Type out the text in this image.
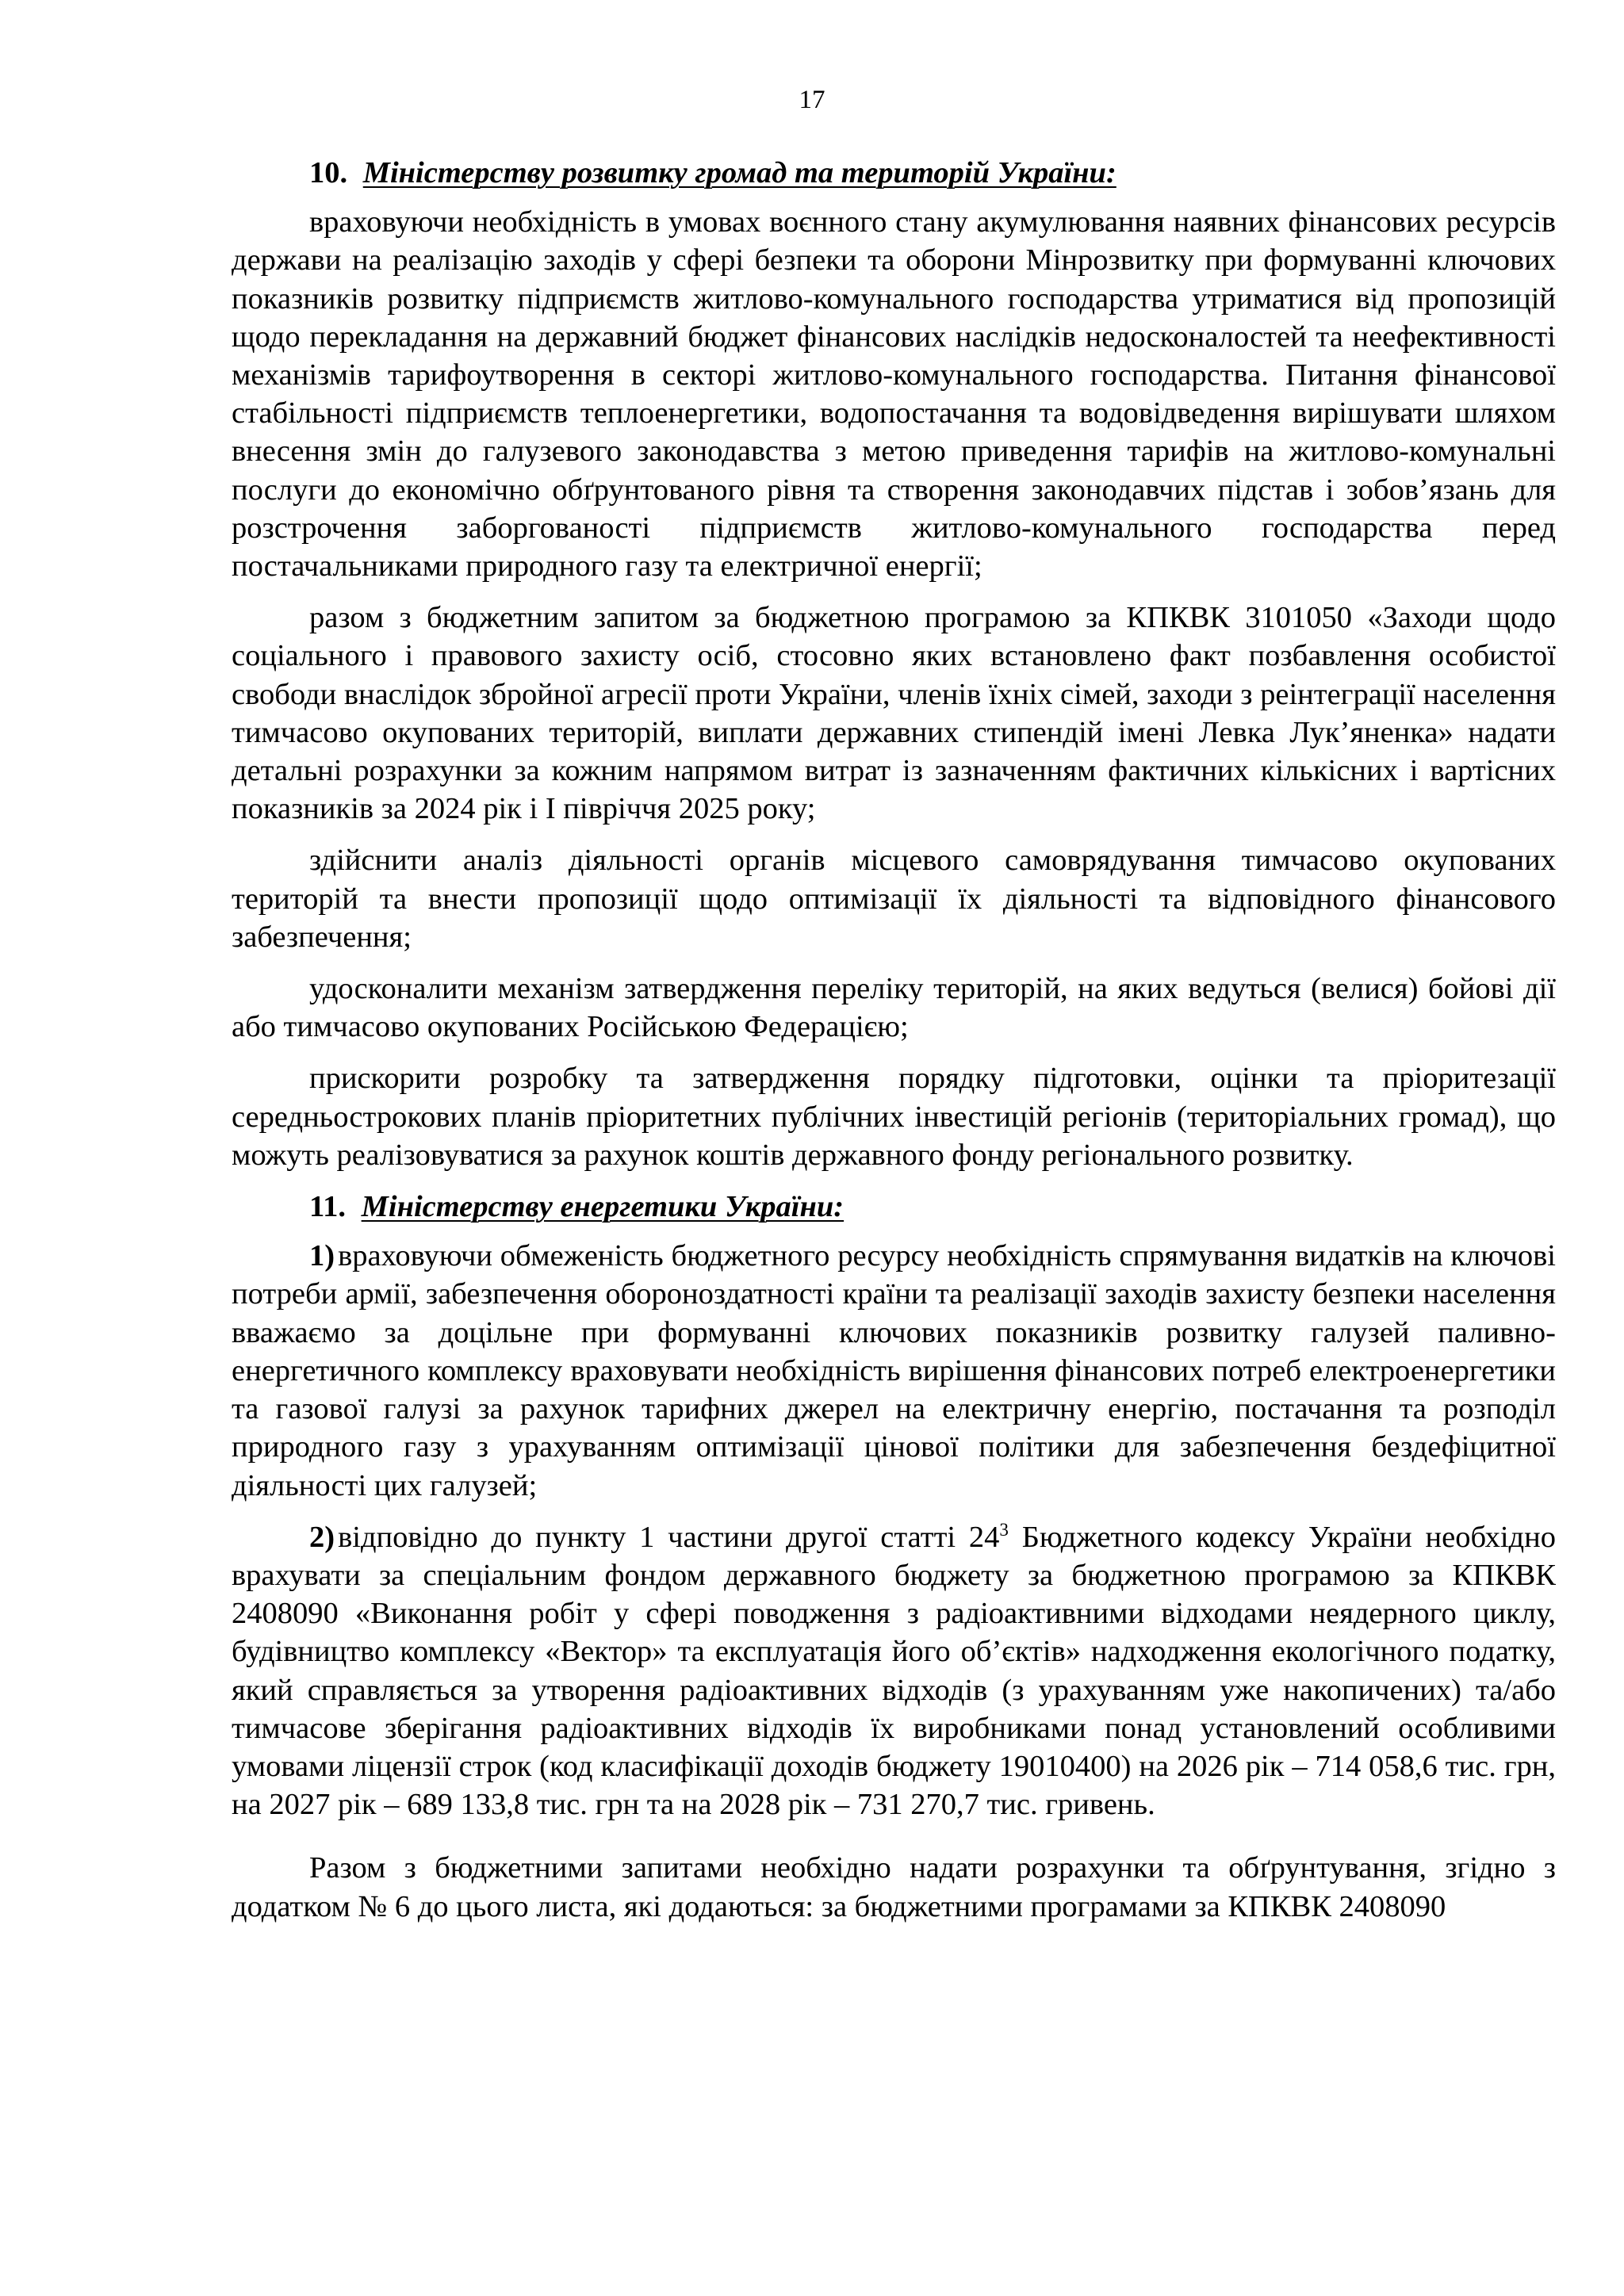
17

10. Міністерству розвитку громад та територій України:

враховуючи необхідність в умовах воєнного стану акумулювання наявних фінансових ресурсів держави на реалізацію заходів у сфері безпеки та оборони Мінрозвитку при формуванні ключових показників розвитку підприємств житлово-комунального господарства утриматися від пропозицій щодо перекладання на державний бюджет фінансових наслідків недосконалостей та неефективності механізмів тарифоутворення в секторі житлово-комунального господарства. Питання фінансової стабільності підприємств теплоенергетики, водопостачання та водовідведення вирішувати шляхом внесення змін до галузевого законодавства з метою приведення тарифів на житлово-комунальні послуги до економічно обґрунтованого рівня та створення законодавчих підстав і зобов’язань для розстрочення заборгованості підприємств житлово-комунального господарства перед постачальниками природного газу та електричної енергії;

разом з бюджетним запитом за бюджетною програмою за КПКВК 3101050 «Заходи щодо соціального і правового захисту осіб, стосовно яких встановлено факт позбавлення особистої свободи внаслідок збройної агресії проти України, членів їхніх сімей, заходи з реінтеграції населення тимчасово окупованих територій, виплати державних стипендій імені Левка Лук’яненка» надати детальні розрахунки за кожним напрямом витрат із зазначенням фактичних кількісних і вартісних показників за 2024 рік і І півріччя 2025 року;

здійснити аналіз діяльності органів місцевого самоврядування тимчасово окупованих територій та внести пропозиції щодо оптимізації їх діяльності та відповідного фінансового забезпечення;

удосконалити механізм затвердження переліку територій, на яких ведуться (велися) бойові дії або тимчасово окупованих Російською Федерацією;

прискорити розробку та затвердження порядку підготовки, оцінки та пріоритезації середньострокових планів пріоритетних публічних інвестицій регіонів (територіальних громад), що можуть реалізовуватися за рахунок коштів державного фонду регіонального розвитку.

11. Міністерству енергетики України:

1) враховуючи обмеженість бюджетного ресурсу необхідність спрямування видатків на ключові потреби армії, забезпечення обороноздатності країни та реалізації заходів захисту безпеки населення вважаємо за доцільне при формуванні ключових показників розвитку галузей паливно-енергетичного комплексу враховувати необхідність вирішення фінансових потреб електроенергетики та газової галузі за рахунок тарифних джерел на електричну енергію, постачання та розподіл природного газу з урахуванням оптимізації цінової політики для забезпечення бездефіцитної діяльності цих галузей;

2) відповідно до пункту 1 частини другої статті $24^3$ Бюджетного кодексу України необхідно врахувати за спеціальним фондом державного бюджету за бюджетною програмою за КПКВК 2408090 «Виконання робіт у сфері поводження з радіоактивними відходами неядерного циклу, будівництво комплексу «Вектор» та експлуатація його об’єктів» надходження екологічного податку, який справляється за утворення радіоактивних відходів (з урахуванням уже накопичених) та/або тимчасове зберігання радіоактивних відходів їх виробниками понад установлений особливими умовами ліцензії строк (код класифікації доходів бюджету 19010400) на 2026 рік – 714 058,6 тис. грн, на 2027 рік – 689 133,8 тис. грн та на 2028 рік – 731 270,7 тис. гривень.

Разом з бюджетними запитами необхідно надати розрахунки та обґрунтування, згідно з додатком № 6 до цього листа, які додаються: за бюджетними програмами за КПКВК 2408090
